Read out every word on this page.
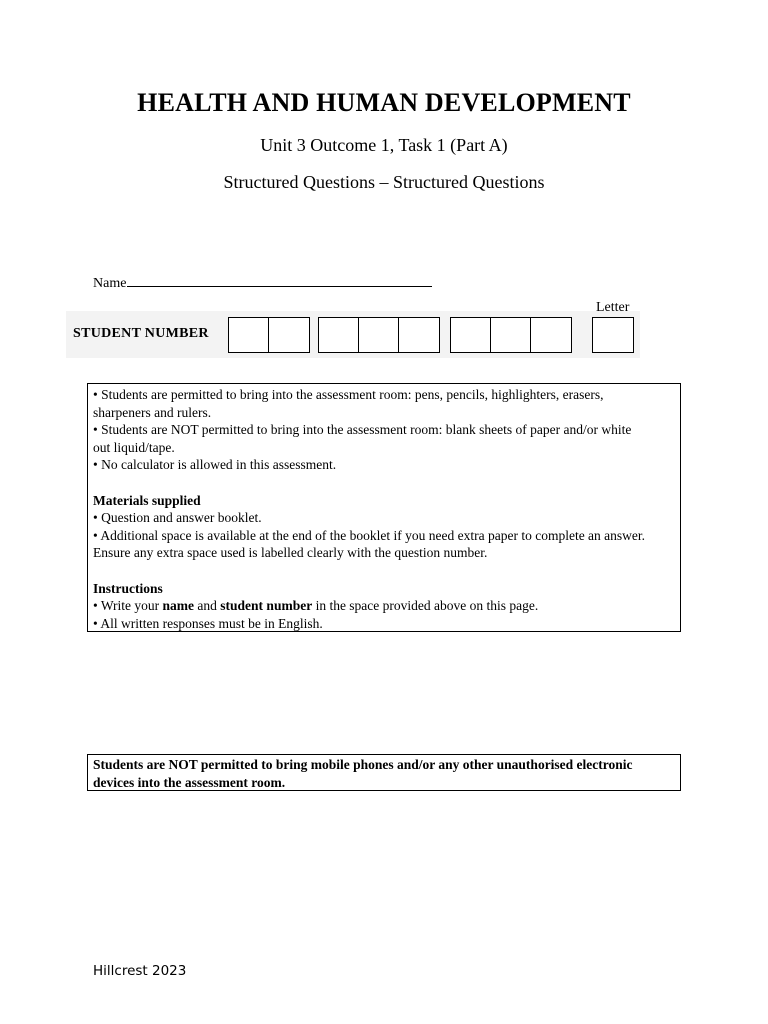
HEALTH AND HUMAN DEVELOPMENT

Unit 3 Outcome 1, Task 1 (Part A)

Structured Questions – Structured Questions

Name
STUDENT NUMBER
Letter

• Students are permitted to bring into the assessment room: pens, pencils, highlighters, erasers,

sharpeners and rulers.

• Students are NOT permitted to bring into the assessment room: blank sheets of paper and/or white

out liquid/tape.

• No calculator is allowed in this assessment.

Materials supplied

• Question and answer booklet.

• Additional space is available at the end of the booklet if you need extra paper to complete an answer.

Ensure any extra space used is labelled clearly with the question number.

Instructions

• Write your name and student number in the space provided above on this page.

• All written responses must be in English.

Students are NOT permitted to bring mobile phones and/or any other unauthorised electronic
devices into the assessment room.
Hillcrest 2023
